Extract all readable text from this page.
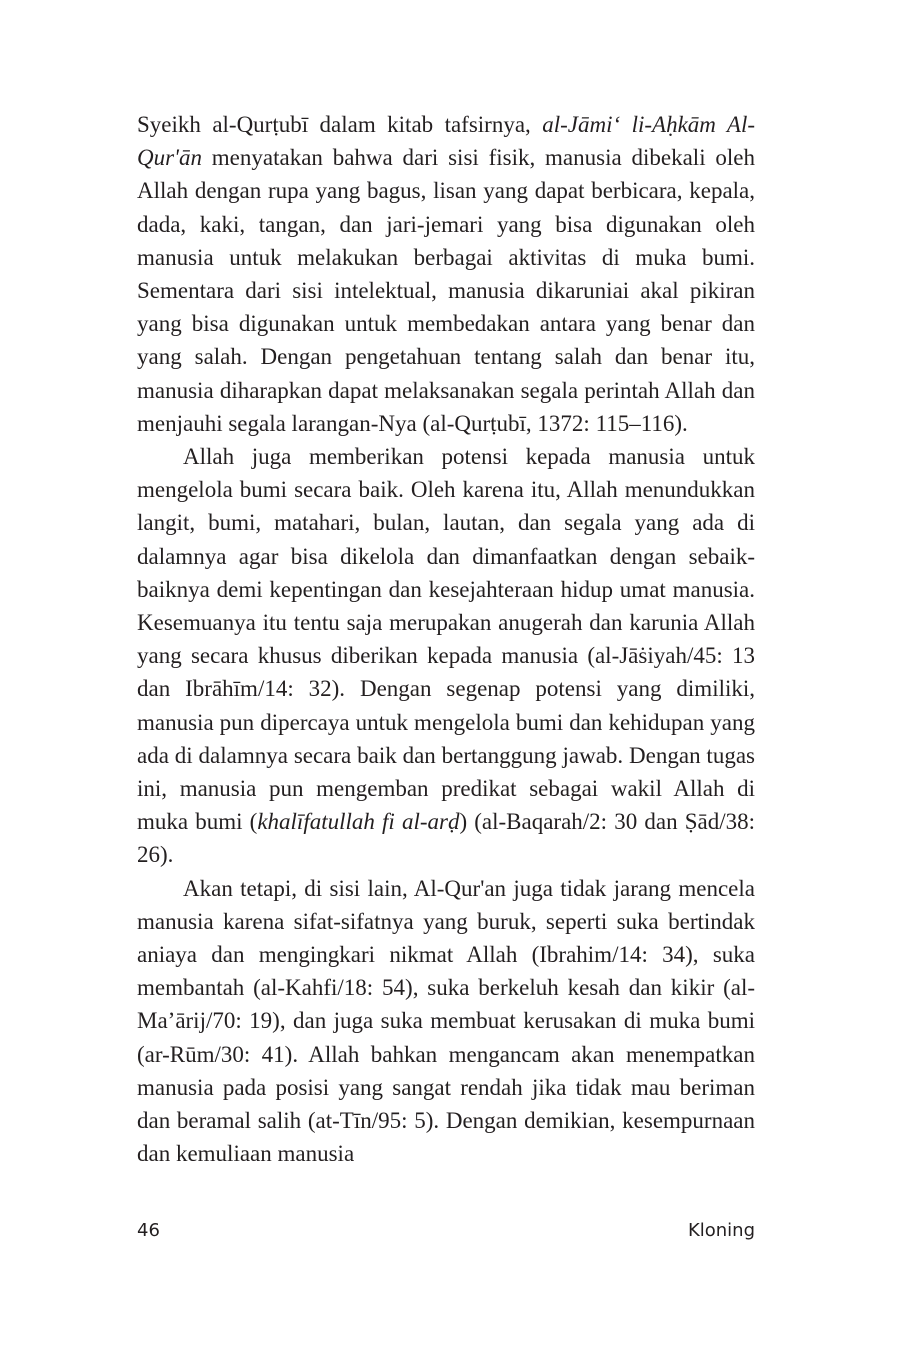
Syeikh al-Qurṭubī dalam kitab tafsirnya, al-Jāmi‘ li-Aḥkām Al-Qur'ān menyatakan bahwa dari sisi fisik, manusia dibekali oleh Allah dengan rupa yang bagus, lisan yang dapat berbicara, kepala, dada, kaki, tangan, dan jari-jemari yang bisa digunakan oleh manusia untuk melakukan berbagai aktivitas di muka bumi. Sementara dari sisi intelektual, manusia dikaruniai akal pikiran yang bisa digunakan untuk membedakan antara yang benar dan yang salah. Dengan pengetahuan tentang salah dan benar itu, manusia diharapkan dapat melaksanakan segala perintah Allah dan menjauhi segala larangan-Nya (al-Qurṭubī, 1372: 115–116).

Allah juga memberikan potensi kepada manusia untuk mengelola bumi secara baik. Oleh karena itu, Allah menundukkan langit, bumi, matahari, bulan, lautan, dan segala yang ada di dalamnya agar bisa dikelola dan dimanfaatkan dengan sebaik-baiknya demi kepentingan dan kesejahteraan hidup umat manusia. Kesemuanya itu tentu saja merupakan anugerah dan karunia Allah yang secara khusus diberikan kepada manusia (al-Jāṡiyah/45: 13 dan Ibrāhīm/14: 32). Dengan segenap potensi yang dimiliki, manusia pun dipercaya untuk mengelola bumi dan kehidupan yang ada di dalamnya secara baik dan bertanggung jawab. Dengan tugas ini, manusia pun mengemban predikat sebagai wakil Allah di muka bumi (khalīfatullah fi al-arḍ) (al-Baqarah/2: 30 dan Ṣād/38: 26).

Akan tetapi, di sisi lain, Al-Qur'an juga tidak jarang mencela manusia karena sifat-sifatnya yang buruk, seperti suka bertindak aniaya dan mengingkari nikmat Allah (Ibrahim/14: 34), suka membantah (al-Kahfi/18: 54), suka berkeluh kesah dan kikir (al-Ma’ārij/70: 19), dan juga suka membuat kerusakan di muka bumi (ar-Rūm/30: 41). Allah bahkan mengancam akan menempatkan manusia pada posisi yang sangat rendah jika tidak mau beriman dan beramal salih (at-Tīn/95: 5). Dengan demikian, kesempurnaan dan kemuliaan manusia

46	Kloning
